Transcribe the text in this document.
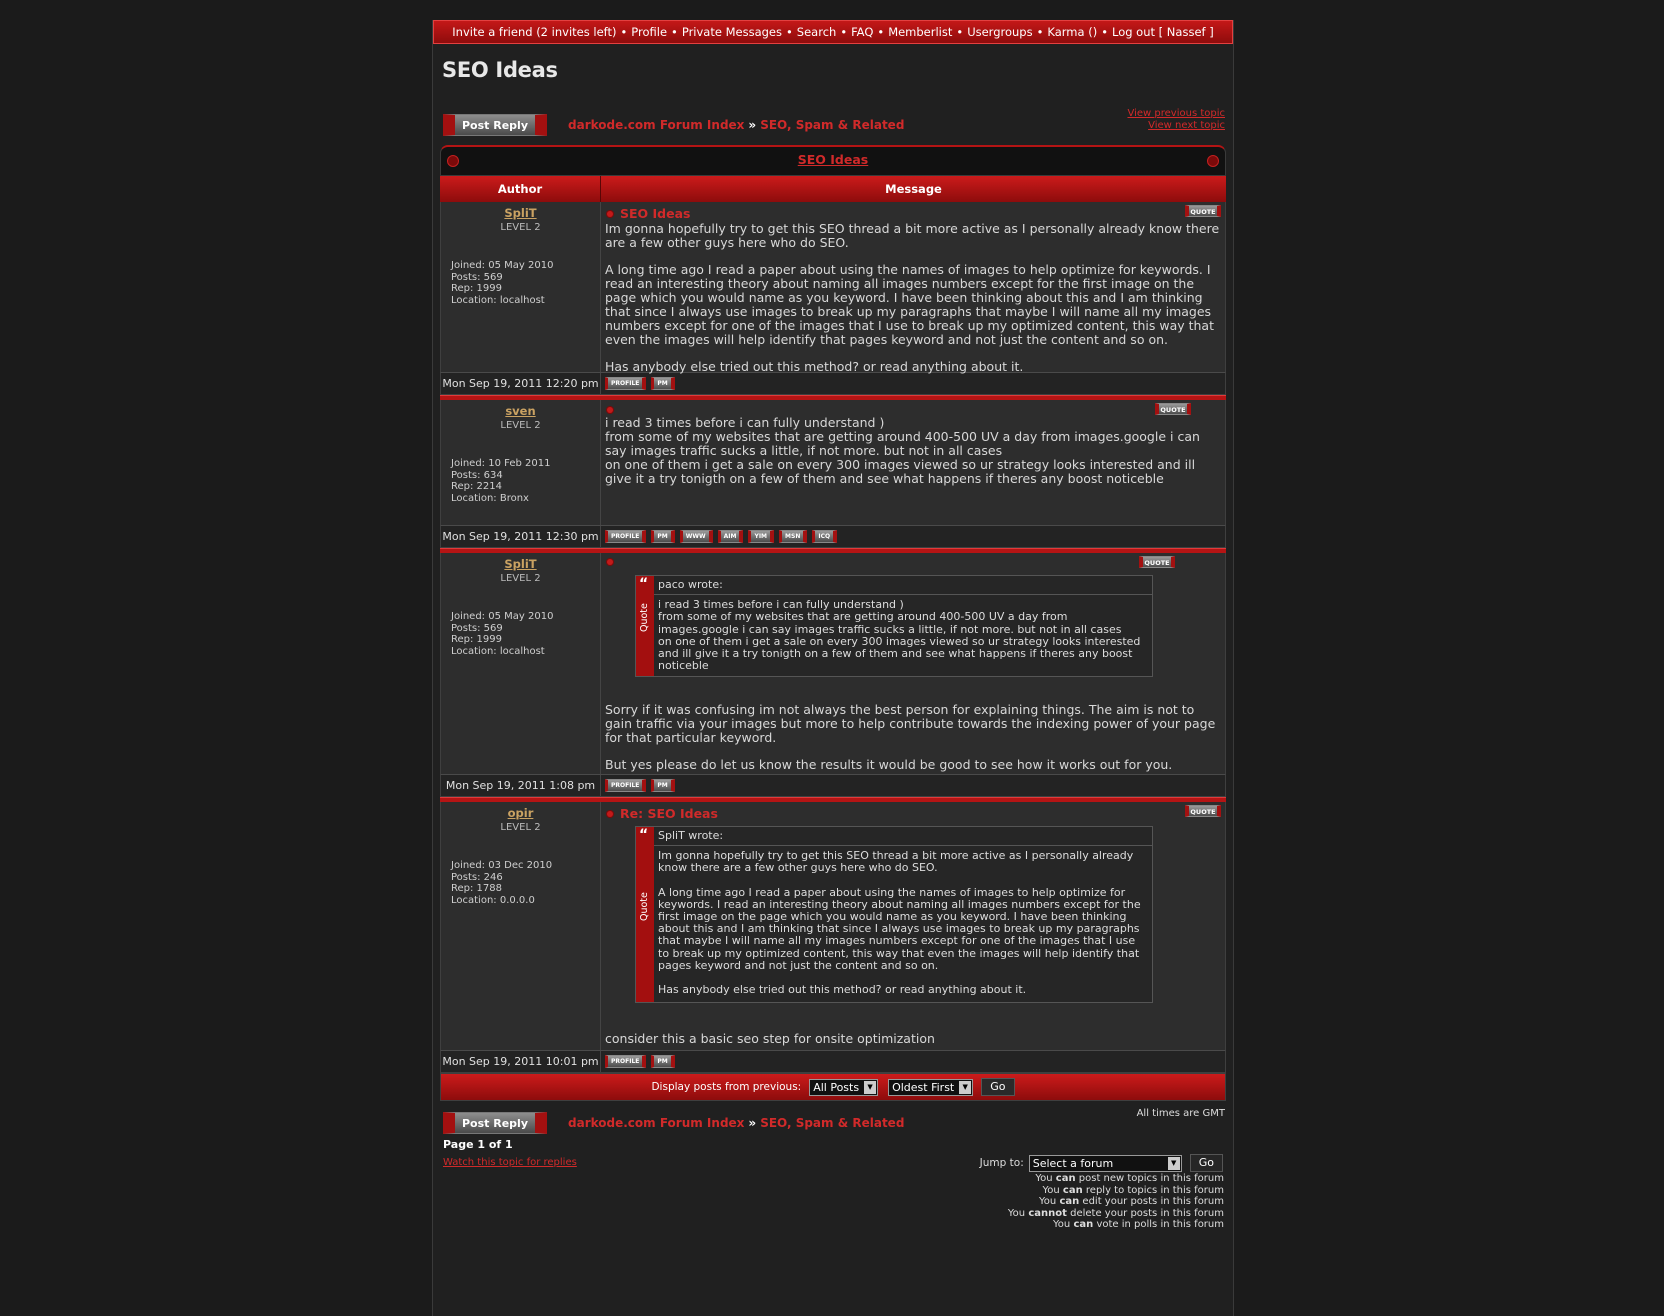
Invite a friend (2 invites left) • Profile • Private Messages • Search • FAQ • Memberlist • Usergroups • Karma () • Log out [ Nassef ]
SEO Ideas
Post Reply	darkode.com Forum Index » SEO, Spam & Related
View previous topic
View next topic
SEO Ideas
Author	Message
SpliT
LEVEL 2
Joined: 05 May 2010
Posts: 569
Rep: 1999
Location: localhost
QUOTE
SEO Ideas

Im gonna hopefully try to get this SEO thread a bit more active as I personally already know there are a few other guys here who do SEO.

A long time ago I read a paper about using the names of images to help optimize for keywords. I read an interesting theory about naming all images numbers except for the first image on the page which you would name as you keyword. I have been thinking about this and I am thinking that since I always use images to break up my paragraphs that maybe I will name all my images numbers except for one of the images that I use to break up my optimized content, this way that even the images will help identify that pages keyword and not just the content and so on.

Has anybody else tried out this method? or read anything about it.

Mon Sep 19, 2011 12:20 pm	PROFILE	PM
sven
LEVEL 2
Joined: 10 Feb 2011
Posts: 634
Rep: 2214
Location: Bronx
QUOTE
i read 3 times before i can fully understand )
from some of my websites that are getting around 400-500 UV a day from images.google i can say images traffic sucks a little, if not more. but not in all cases
on one of them i get a sale on every 300 images viewed so ur strategy looks interested and ill give it a try tonigth on a few of them and see what happens if theres any boost noticeble
Mon Sep 19, 2011 12:30 pm	PROFILE	PM	WWW	AIM	YIM	MSN	ICQ
SpliT
LEVEL 2
Joined: 05 May 2010
Posts: 569
Rep: 1999
Location: localhost
QUOTE
“
Quote
paco wrote:
i read 3 times before i can fully understand )
from some of my websites that are getting around 400-500 UV a day from images.google i can say images traffic sucks a little, if not more. but not in all cases
on one of them i get a sale on every 300 images viewed so ur strategy looks interested and ill give it a try tonigth on a few of them and see what happens if theres any boost noticeble

Sorry if it was confusing im not always the best person for explaining things. The aim is not to gain traffic via your images but more to help contribute towards the indexing power of your page for that particular keyword.

But yes please do let us know the results it would be good to see how it works out for you.

Mon Sep 19, 2011 1:08 pm	PROFILE	PM
opir
LEVEL 2
Joined: 03 Dec 2010
Posts: 246
Rep: 1788
Location: 0.0.0.0
QUOTE
Re: SEO Ideas
“
Quote
SpliT wrote:

Im gonna hopefully try to get this SEO thread a bit more active as I personally already know there are a few other guys here who do SEO.

A long time ago I read a paper about using the names of images to help optimize for keywords. I read an interesting theory about naming all images numbers except for the first image on the page which you would name as you keyword. I have been thinking about this and I am thinking that since I always use images to break up my paragraphs that maybe I will name all my images numbers except for one of the images that I use to break up my optimized content, this way that even the images will help identify that pages keyword and not just the content and so on.

Has anybody else tried out this method? or read anything about it.

consider this a basic seo step for onsite optimization
Mon Sep 19, 2011 10:01 pm	PROFILE	PM
Display posts from previous:	All Posts	▼	Oldest First	▼	Go
Post Reply	darkode.com Forum Index » SEO, Spam & Related
All times are GMT
Page 1 of 1
Watch this topic for replies	Jump to: Select a forum	▼	Go
You can post new topics in this forum
You can reply to topics in this forum
You can edit your posts in this forum
You cannot delete your posts in this forum
You can vote in polls in this forum
